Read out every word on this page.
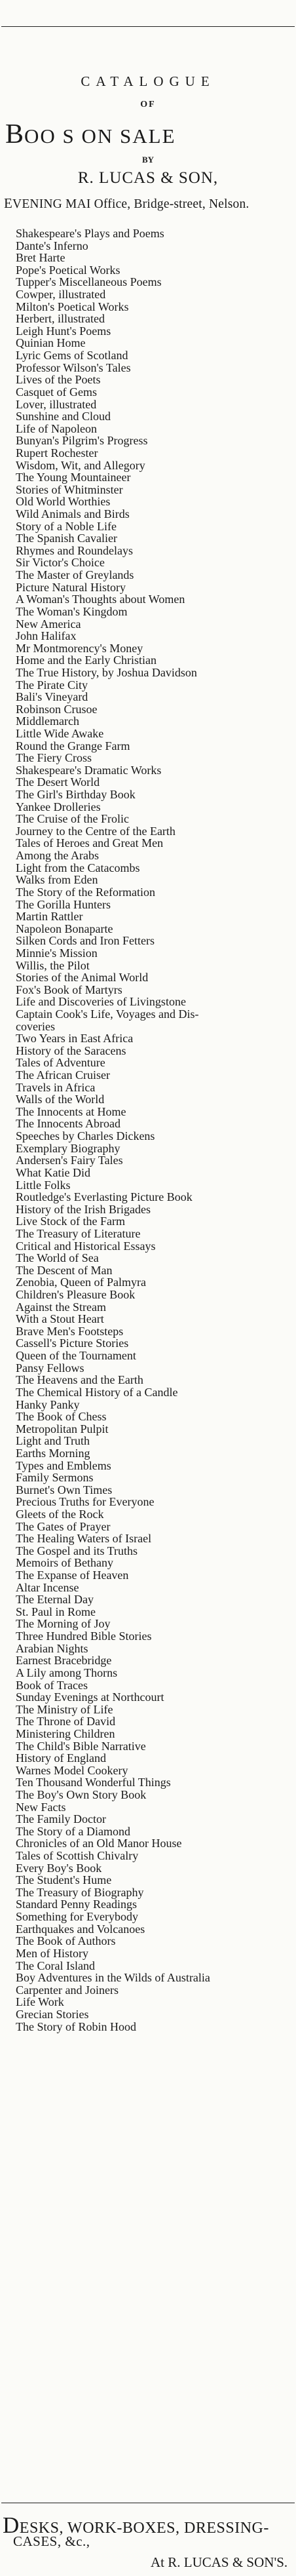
CATALOGUE
OF
BOO S ON SALE
BY
R. LUCAS & SON,
EVENING MAI Office, Bridge-street, Nelson.
Shakespeare's Plays and Poems
Dante's Inferno
Bret Harte
Pope's Poetical Works
Tupper's Miscellaneous Poems
Cowper, illustrated
Milton's Poetical Works
Herbert, illustrated
Leigh Hunt's Poems
Quinian Home
Lyric Gems of Scotland
Professor Wilson's Tales
Lives of the Poets
Casquet of Gems
Lover, illustrated
Sunshine and Cloud
Life of Napoleon
Bunyan's Pilgrim's Progress
Rupert Rochester
Wisdom, Wit, and Allegory
The Young Mountaineer
Stories of Whitminster
Old World Worthies
Wild Animals and Birds
Story of a Noble Life
The Spanish Cavalier
Rhymes and Roundelays
Sir Victor's Choice
The Master of Greylands
Picture Natural History
A Woman's Thoughts about Women
The Woman's Kingdom
New America
John Halifax
Mr Montmorency's Money
Home and the Early Christian
The True History, by Joshua Davidson
The Pirate City
Bali's Vineyard
Robinson Crusoe
Middlemarch
Little Wide Awake
Round the Grange Farm
The Fiery Cross
Shakespeare's Dramatic Works
The Desert World
The Girl's Birthday Book
Yankee Drolleries
The Cruise of the Frolic
Journey to the Centre of the Earth
Tales of Heroes and Great Men
Among the Arabs
Light from the Catacombs
Walks from Eden
The Story of the Reformation
The Gorilla Hunters
Martin Rattler
Napoleon Bonaparte
Silken Cords and Iron Fetters
Minnie's Mission
Willis, the Pilot
Stories of the Animal World
Fox's Book of Martyrs
Life and Discoveries of Livingstone
Captain Cook's Life, Voyages and Dis-
coveries
Two Years in East Africa
History of the Saracens
Tales of Adventure
The African Cruiser
Travels in Africa
Walls of the World
The Innocents at Home
The Innocents Abroad
Speeches by Charles Dickens
Exemplary Biography
Andersen's Fairy Tales
What Katie Did
Little Folks
Routledge's Everlasting Picture Book
History of the Irish Brigades
Live Stock of the Farm
The Treasury of Literature
Critical and Historical Essays
The World of Sea
The Descent of Man
Zenobia, Queen of Palmyra
Children's Pleasure Book
Against the Stream
With a Stout Heart
Brave Men's Footsteps
Cassell's Picture Stories
Queen of the Tournament
Pansy Fellows
The Heavens and the Earth
The Chemical History of a Candle
Hanky Panky
The Book of Chess
Metropolitan Pulpit
Light and Truth
Earths Morning
Types and Emblems
Family Sermons
Burnet's Own Times
Precious Truths for Everyone
Gleets of the Rock
The Gates of Prayer
The Healing Waters of Israel
The Gospel and its Truths
Memoirs of Bethany
The Expanse of Heaven
Altar Incense
The Eternal Day
St. Paul in Rome
The Morning of Joy
Three Hundred Bible Stories
Arabian Nights
Earnest Bracebridge
A Lily among Thorns
Book of Traces
Sunday Evenings at Northcourt
The Ministry of Life
The Throne of David
Ministering Children
The Child's Bible Narrative
History of England
Warnes Model Cookery
Ten Thousand Wonderful Things
The Boy's Own Story Book
New Facts
The Family Doctor
The Story of a Diamond
Chronicles of an Old Manor House
Tales of Scottish Chivalry
Every Boy's Book
The Student's Hume
The Treasury of Biography
Standard Penny Readings
Something for Everybody
Earthquakes and Volcanoes
The Book of Authors
Men of History
The Coral Island
Boy Adventures in the Wilds of Australia
Carpenter and Joiners
Life Work
Grecian Stories
The Story of Robin Hood
DESKS, WORK-BOXES, DRESSING-
CASES, &c.,
At R. LUCAS & SON'S.
